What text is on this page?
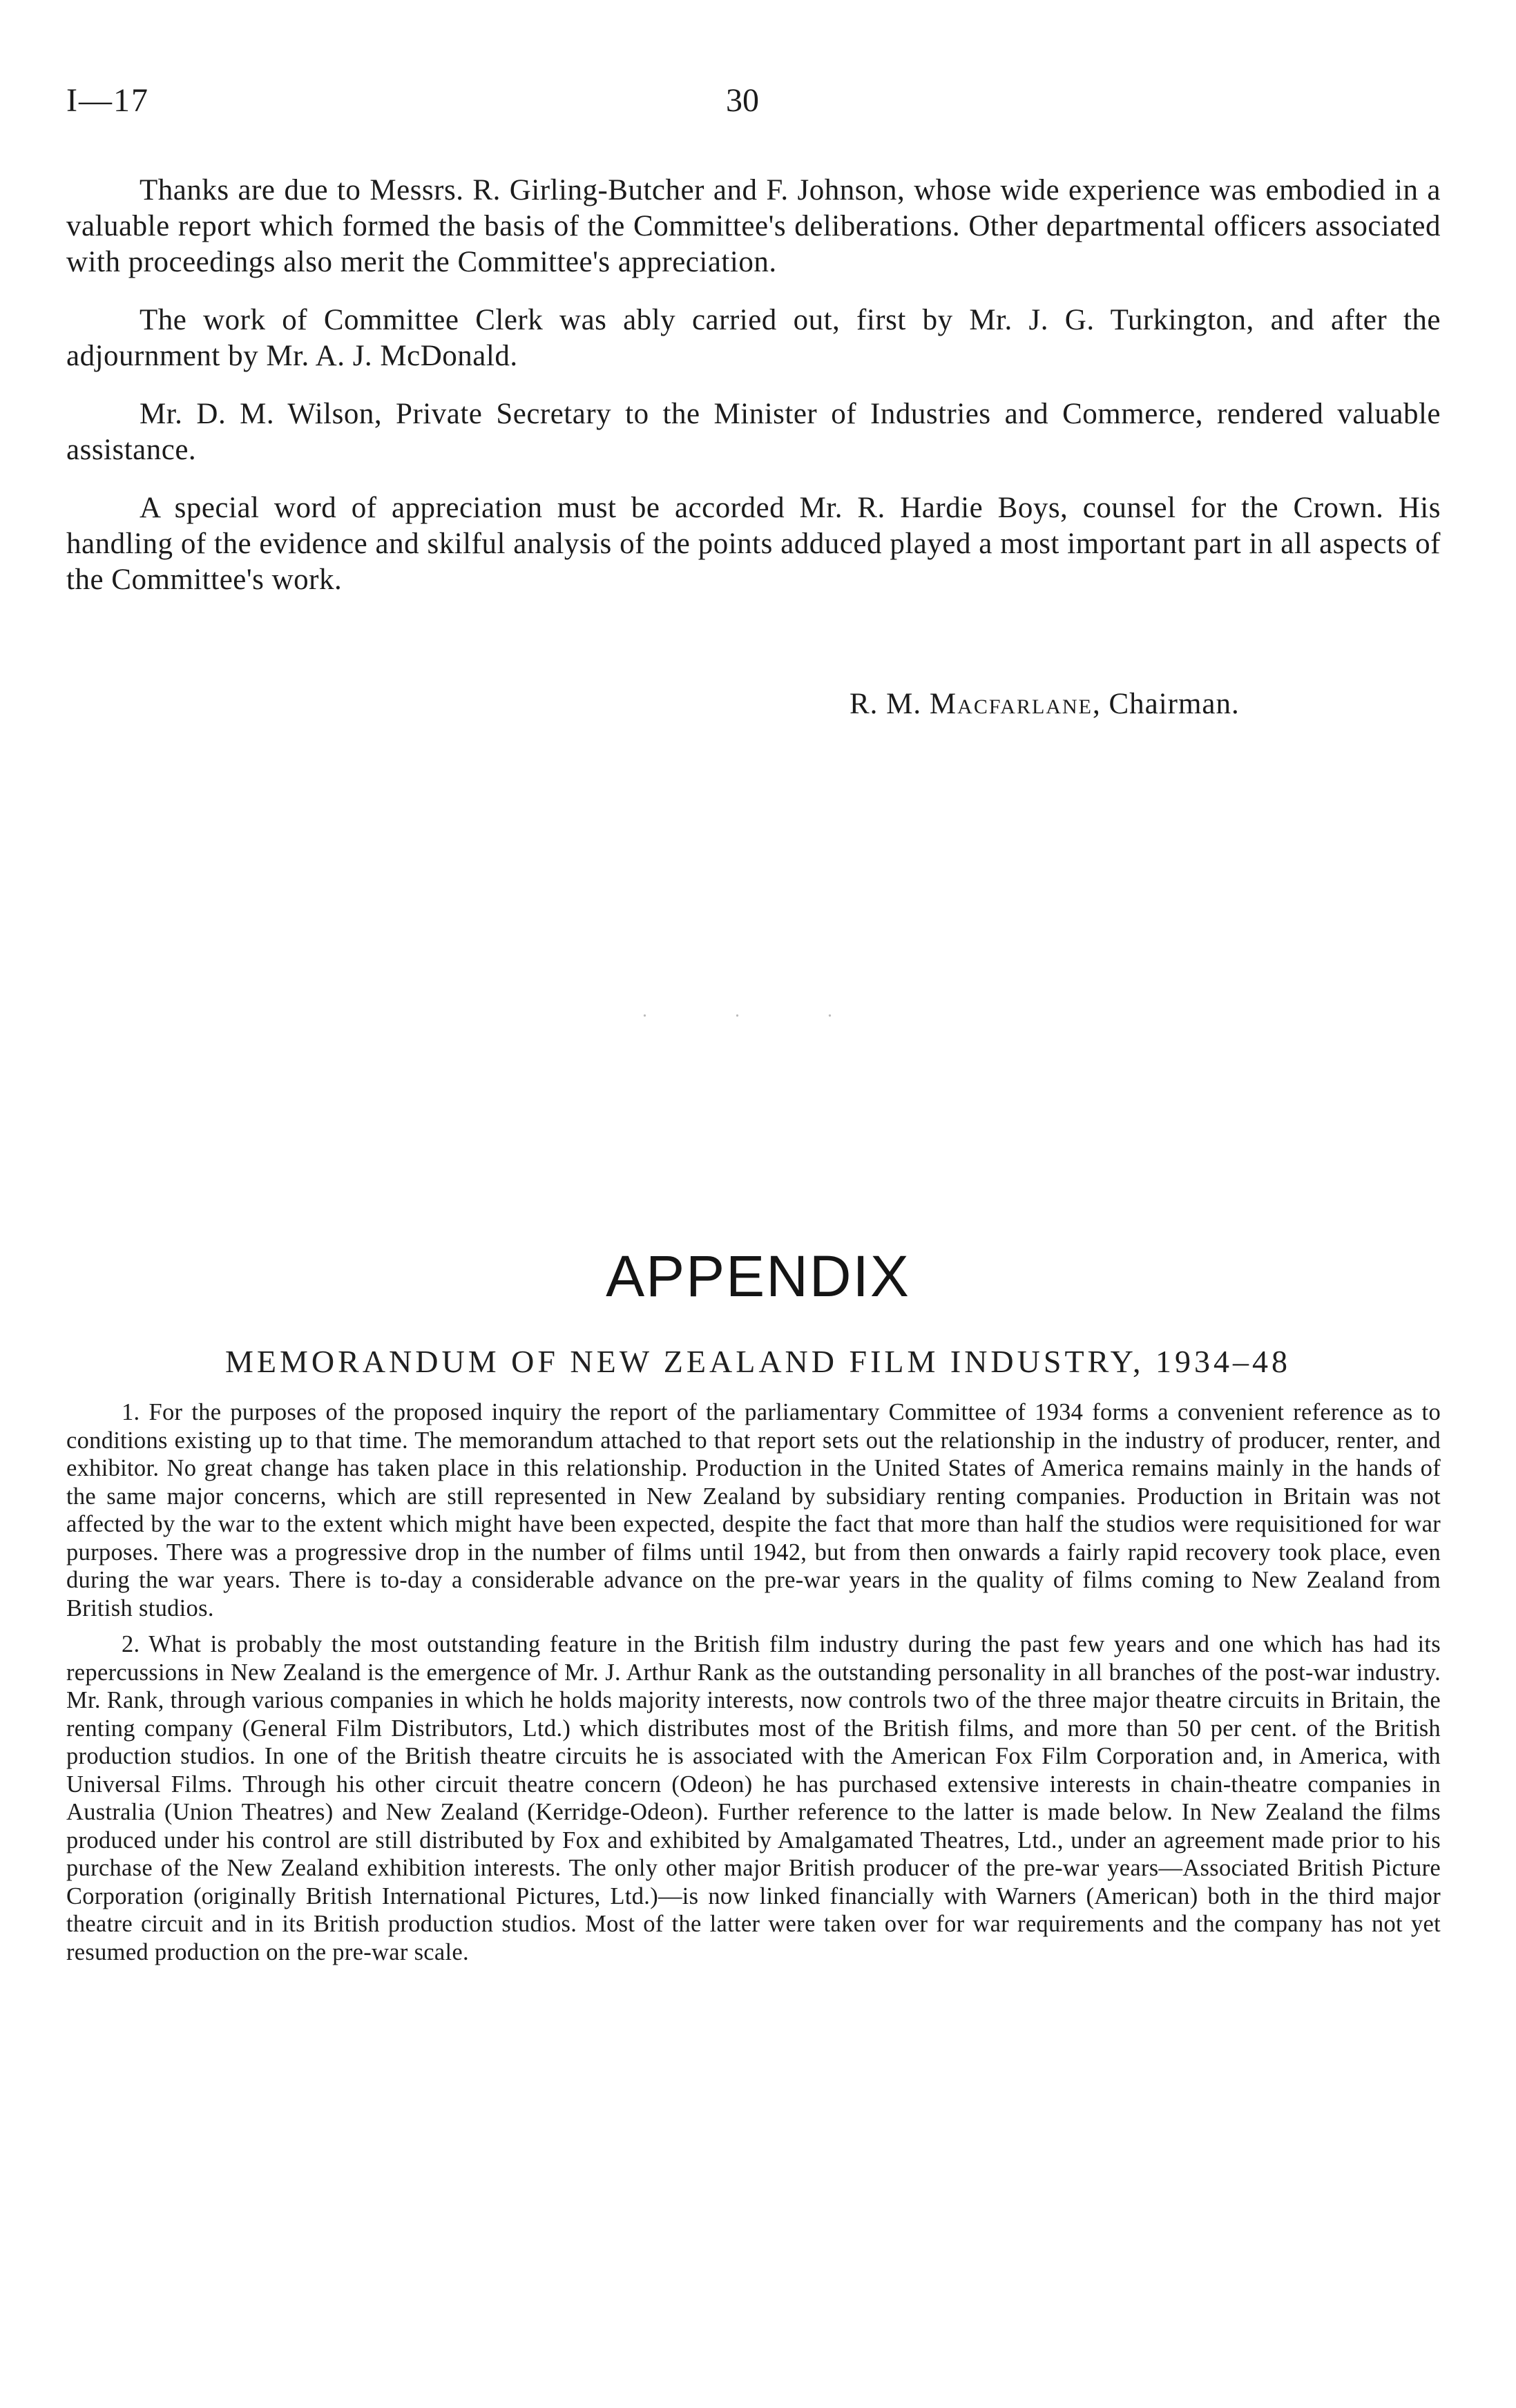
I—17	30

Thanks are due to Messrs. R. Girling-Butcher and F. Johnson, whose wide experience was embodied in a valuable report which formed the basis of the Committee's deliberations. Other departmental officers associated with proceedings also merit the Committee's appreciation.

The work of Committee Clerk was ably carried out, first by Mr. J. G. Turkington, and after the adjournment by Mr. A. J. McDonald.

Mr. D. M. Wilson, Private Secretary to the Minister of Industries and Commerce, rendered valuable assistance.

A special word of appreciation must be accorded Mr. R. Hardie Boys, counsel for the Crown. His handling of the evidence and skilful analysis of the points adduced played a most important part in all aspects of the Committee's work.

R. M. Macfarlane, Chairman.
. . .
APPENDIX
MEMORANDUM OF NEW ZEALAND FILM INDUSTRY, 1934–48

1. For the purposes of the proposed inquiry the report of the parliamentary Committee of 1934 forms a convenient reference as to conditions existing up to that time. The memorandum attached to that report sets out the relationship in the industry of producer, renter, and exhibitor. No great change has taken place in this relationship. Production in the United States of America remains mainly in the hands of the same major concerns, which are still represented in New Zealand by subsidiary renting companies. Production in Britain was not affected by the war to the extent which might have been expected, despite the fact that more than half the studios were requisitioned for war purposes. There was a progressive drop in the number of films until 1942, but from then onwards a fairly rapid recovery took place, even during the war years. There is to-day a considerable advance on the pre-war years in the quality of films coming to New Zealand from British studios.

2. What is probably the most outstanding feature in the British film industry during the past few years and one which has had its repercussions in New Zealand is the emergence of Mr. J. Arthur Rank as the outstanding personality in all branches of the post-war industry. Mr. Rank, through various companies in which he holds majority interests, now controls two of the three major theatre circuits in Britain, the renting company (General Film Distributors, Ltd.) which distributes most of the British films, and more than 50 per cent. of the British production studios. In one of the British theatre circuits he is associated with the American Fox Film Corporation and, in America, with Universal Films. Through his other circuit theatre concern (Odeon) he has purchased extensive interests in chain-theatre companies in Australia (Union Theatres) and New Zealand (Kerridge-Odeon). Further reference to the latter is made below. In New Zealand the films produced under his control are still distributed by Fox and exhibited by Amalgamated Theatres, Ltd., under an agreement made prior to his purchase of the New Zealand exhibition interests. The only other major British producer of the pre-war years—Associated British Picture Corporation (originally British International Pictures, Ltd.)—is now linked financially with Warners (American) both in the third major theatre circuit and in its British production studios. Most of the latter were taken over for war requirements and the company has not yet resumed production on the pre-war scale.
